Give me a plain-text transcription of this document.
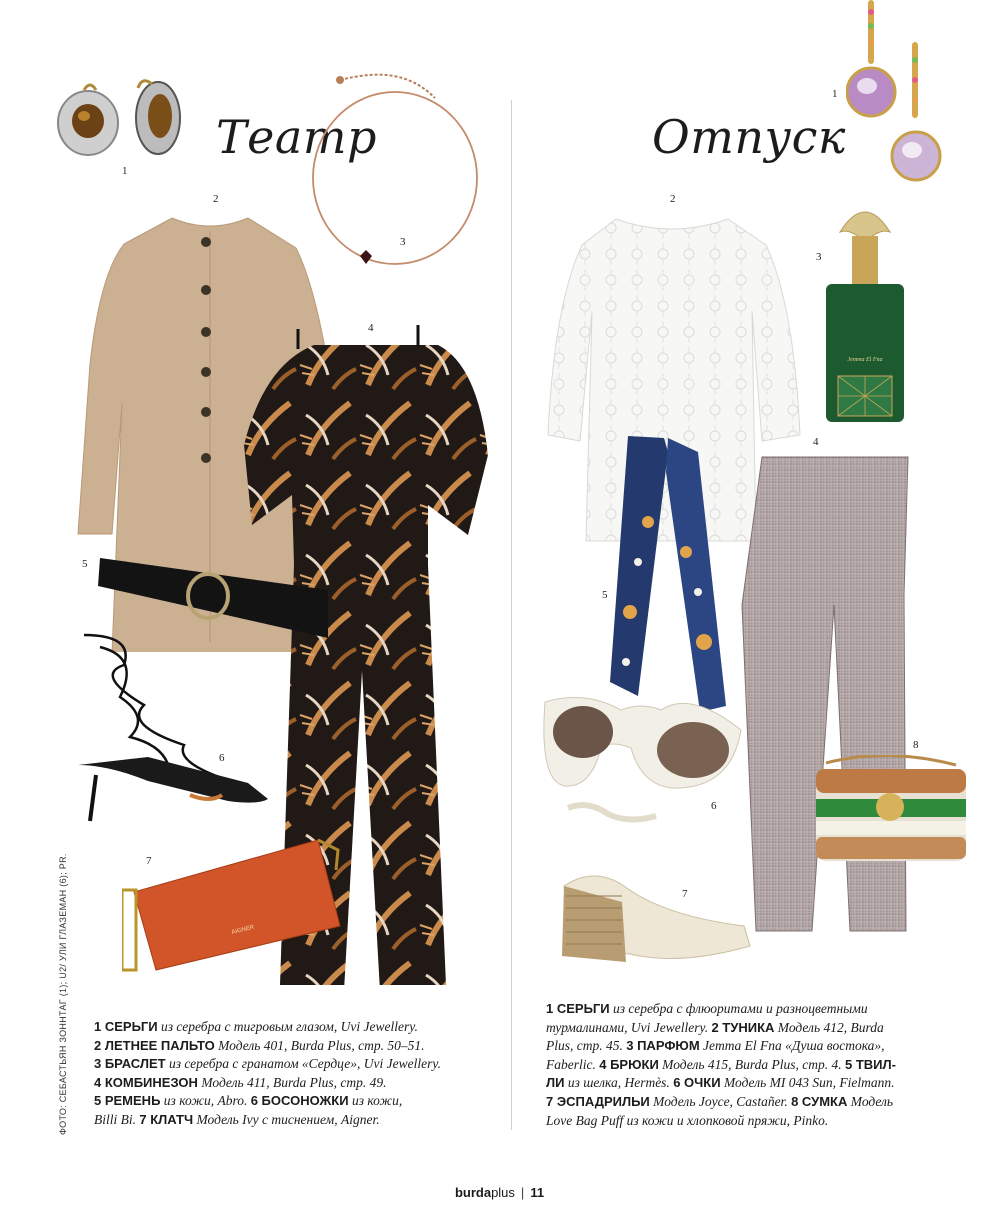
Театр	Отпуск
AIGNER
1
2
3
4
5
6
7
Jemma El Fna
1
2
3
4
5
6
7
8
ФОТО: СЕБАСТЬЯН ЗОННТАГ (1); U2/ УЛИ ГЛАЗЕМАН (6); PR. 1 СЕРЬГИ из серебра с тигровым глазом, Uvi Jewellery.
2 ЛЕТНЕЕ ПАЛЬТО Модель 401, Burda Plus, стр. 50–51.
3 БРАСЛЕТ из серебра с гранатом «Сердце», Uvi Jewellery.
4 КОМБИНЕЗОН Модель 411, Burda Plus, стр. 49.
5 РЕМЕНЬ из кожи, Abro. 6 БОСОНОЖКИ из кожи,
Billi Bi. 7 КЛАТЧ Модель Ivy с тиснением, Aigner.
1 СЕРЬГИ из серебра с флюоритами и разноцветными
турмалинами, Uvi Jewellery. 2 ТУНИКА Модель 412, Burda
Plus, стр. 45. 3 ПАРФЮМ Jemma El Fna «Душа востока»,
Faberlic. 4 БРЮКИ Модель 415, Burda Plus, стр. 4. 5 ТВИЛ-
ЛИ из шелка, Hermès. 6 ОЧКИ Модель MI 043 Sun, Fielmann.
7 ЭСПАДРИЛЬИ Модель Joyce, Castañer. 8 СУМКА Модель
Love Bag Puff из кожи и хлопковой пряжи, Pinko.
burdaplus | 11
